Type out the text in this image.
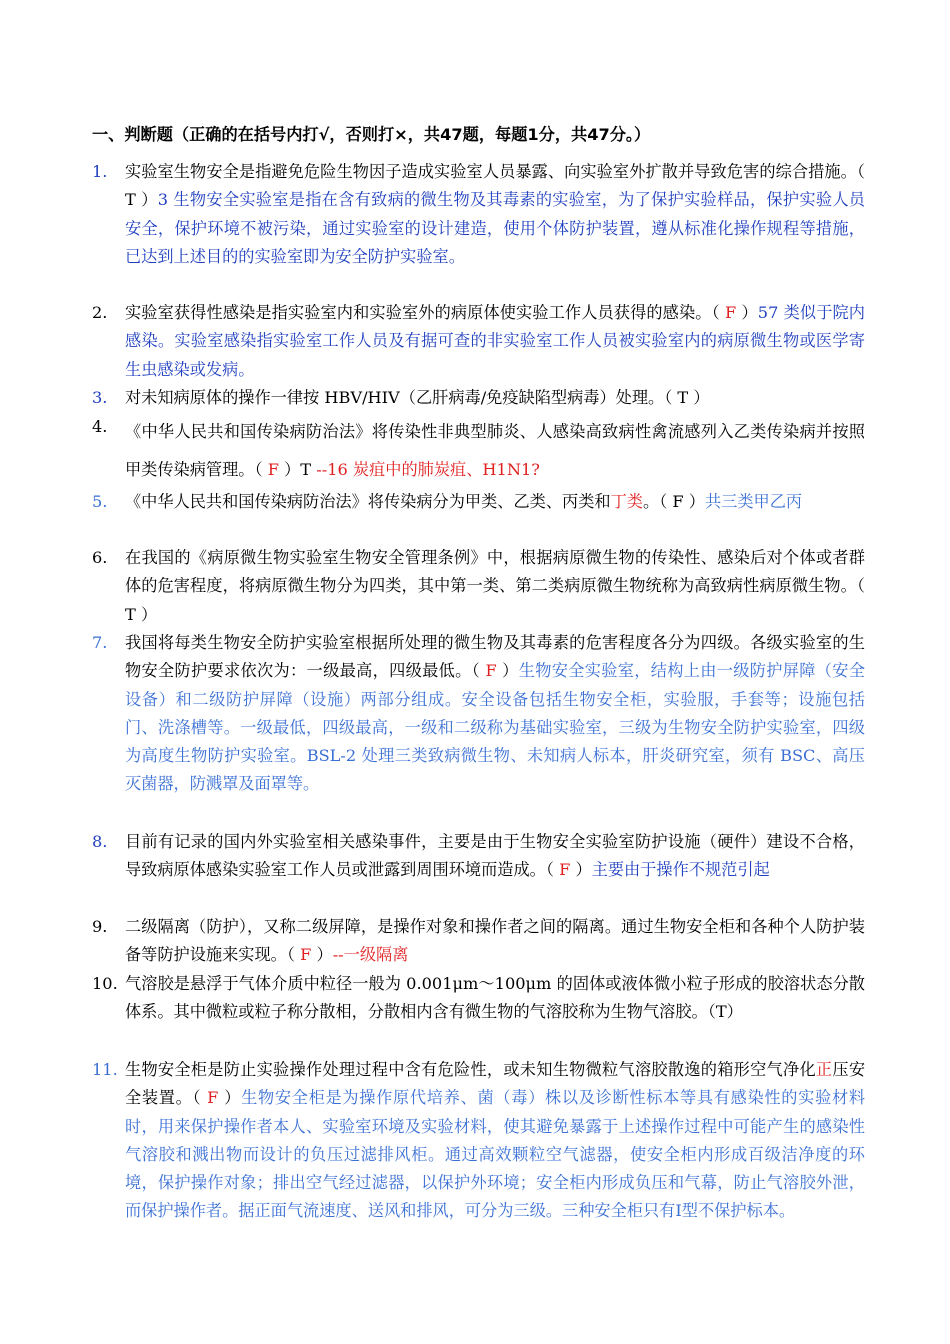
一、判断题（正确的在括号内打√，否则打×，共47题，每题1分，共47分。）
1.	实验室生物安全是指避免危险生物因子造成实验室人员暴露、向实验室外扩散并导致危害的综合措施。（ T ）3 生物安全实验室是指在含有致病的微生物及其毒素的实验室，为了保护实验样品，保护实验人员安全，保护环境不被污染，通过实验室的设计建造，使用个体防护装置，遵从标准化操作规程等措施，已达到上述目的的实验室即为安全防护实验室。
2.	实验室获得性感染是指实验室内和实验室外的病原体使实验工作人员获得的感染。（ F ）57 类似于院内感染。实验室感染指实验室工作人员及有据可查的非实验室工作人员被实验室内的病原微生物或医学寄生虫感染或发病。
3.	对未知病原体的操作一律按 HBV/HIV（乙肝病毒/免疫缺陷型病毒）处理。（ T ）
4.	《中华人民共和国传染病防治法》将传染性非典型肺炎、人感染高致病性禽流感列入乙类传染病并按照甲类传染病管理。（ F ）T --16 炭疽中的肺炭疽、H1N1?
5.	《中华人民共和国传染病防治法》将传染病分为甲类、乙类、丙类和丁类。（ F ）共三类甲乙丙
6.	在我国的《病原微生物实验室生物安全管理条例》中，根据病原微生物的传染性、感染后对个体或者群体的危害程度，将病原微生物分为四类，其中第一类、第二类病原微生物统称为高致病性病原微生物。（ T ）
7.	我国将每类生物安全防护实验室根据所处理的微生物及其毒素的危害程度各分为四级。各级实验室的生物安全防护要求依次为：一级最高，四级最低。（ F ）生物安全实验室，结构上由一级防护屏障（安全设备）和二级防护屏障（设施）两部分组成。安全设备包括生物安全柜，实验服，手套等；设施包括门、洗涤槽等。一级最低，四级最高，一级和二级称为基础实验室，三级为生物安全防护实验室，四级为高度生物防护实验室。BSL-2 处理三类致病微生物、未知病人标本，肝炎研究室，须有 BSC、高压灭菌器，防溅罩及面罩等。
8.	目前有记录的国内外实验室相关感染事件，主要是由于生物安全实验室防护设施（硬件）建设不合格，导致病原体感染实验室工作人员或泄露到周围环境而造成。（ F ）主要由于操作不规范引起
9.	二级隔离（防护），又称二级屏障，是操作对象和操作者之间的隔离。通过生物安全柜和各种个人防护装备等防护设施来实现。（ F ）--一级隔离
10. 气溶胶是悬浮于气体介质中粒径一般为 0.001μm～100μm 的固体或液体微小粒子形成的胶溶状态分散体系。其中微粒或粒子称分散相，分散相内含有微生物的气溶胶称为生物气溶胶。（T）
11. 生物安全柜是防止实验操作处理过程中含有危险性，或未知生物微粒气溶胶散逸的箱形空气净化正压安全装置。（ F ）生物安全柜是为操作原代培养、菌（毒）株以及诊断性标本等具有感染性的实验材料时，用来保护操作者本人、实验室环境及实验材料，使其避免暴露于上述操作过程中可能产生的感染性气溶胶和溅出物而设计的负压过滤排风柜。通过高效颗粒空气滤器，使安全柜内形成百级洁净度的环境，保护操作对象；排出空气经过滤器，以保护外环境；安全柜内形成负压和气幕，防止气溶胶外泄，而保护操作者。据正面气流速度、送风和排风，可分为三级。三种安全柜只有Ⅰ型不保护标本。
